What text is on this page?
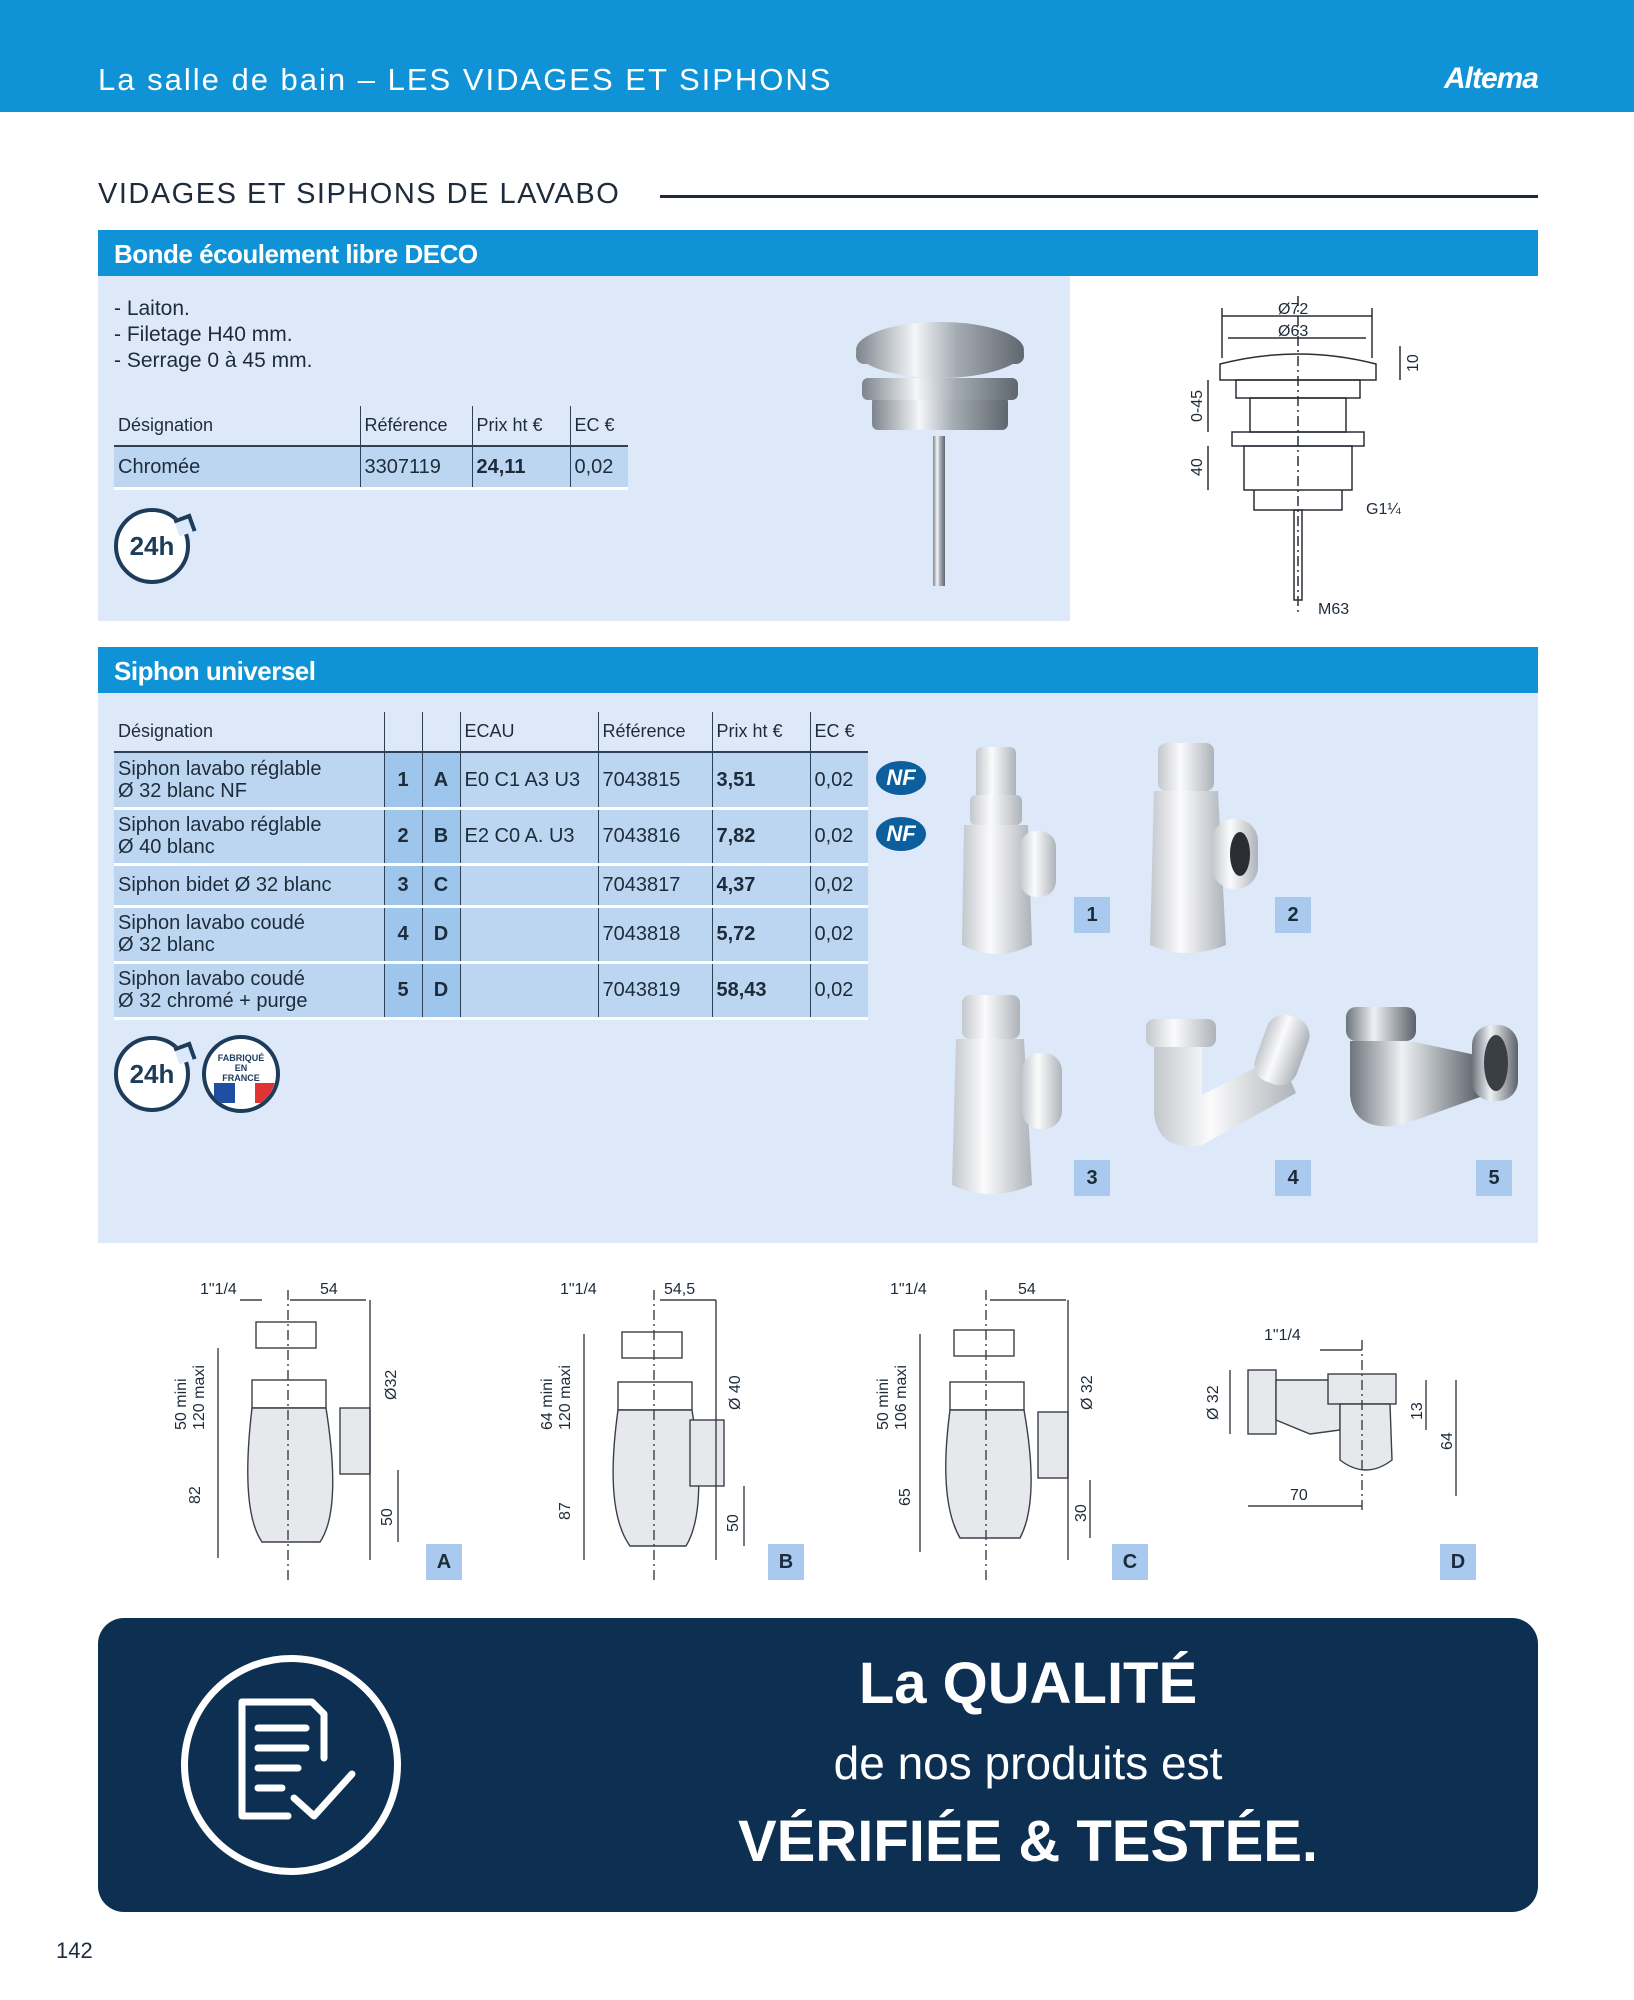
La salle de bain – LES VIDAGES ET SIPHONS	Altema
VIDAGES ET SIPHONS DE LAVABO
Bonde écoulement libre DECO
- Laiton.
- Filetage H40 mm.
- Serrage 0 à 45 mm.
Désignation	Référence	Prix ht €	EC €
Chromée	3307119	24,11	0,02
24h
Ø72
Ø63
10
0-45
40
G1¼
M63
Siphon universel
Désignation			ECAU	Référence	Prix ht €	EC €
Siphon lavabo réglable
Ø 32 blanc NF	1	A	E0 C1 A3 U3	7043815	3,51	0,02
Siphon lavabo réglable
Ø 40 blanc	2	B	E2 C0 A. U3	7043816	7,82	0,02
Siphon bidet Ø 32 blanc	3	C		7043817	4,37	0,02
Siphon lavabo coudé
Ø 32 blanc	4	D		7043818	5,72	0,02
Siphon lavabo coudé
Ø 32 chromé + purge	5	D		7043819	58,43	0,02
NF
NF
24h
FABRIQUÉ
EN
FRANCE
1	2
3	4	5
1"1/4	54
50 mini 120 maxi	Ø32
82
50
A
1"1/4	54,5
64 mini 120 maxi	Ø 40
87
50
B
1"1/4	54
50 mini 106 maxi	Ø 32
65
30
C
1"1/4
Ø 32	13
64
70
D
La QUALITÉ
de nos produits est
VÉRIFIÉE & TESTÉE.
142
